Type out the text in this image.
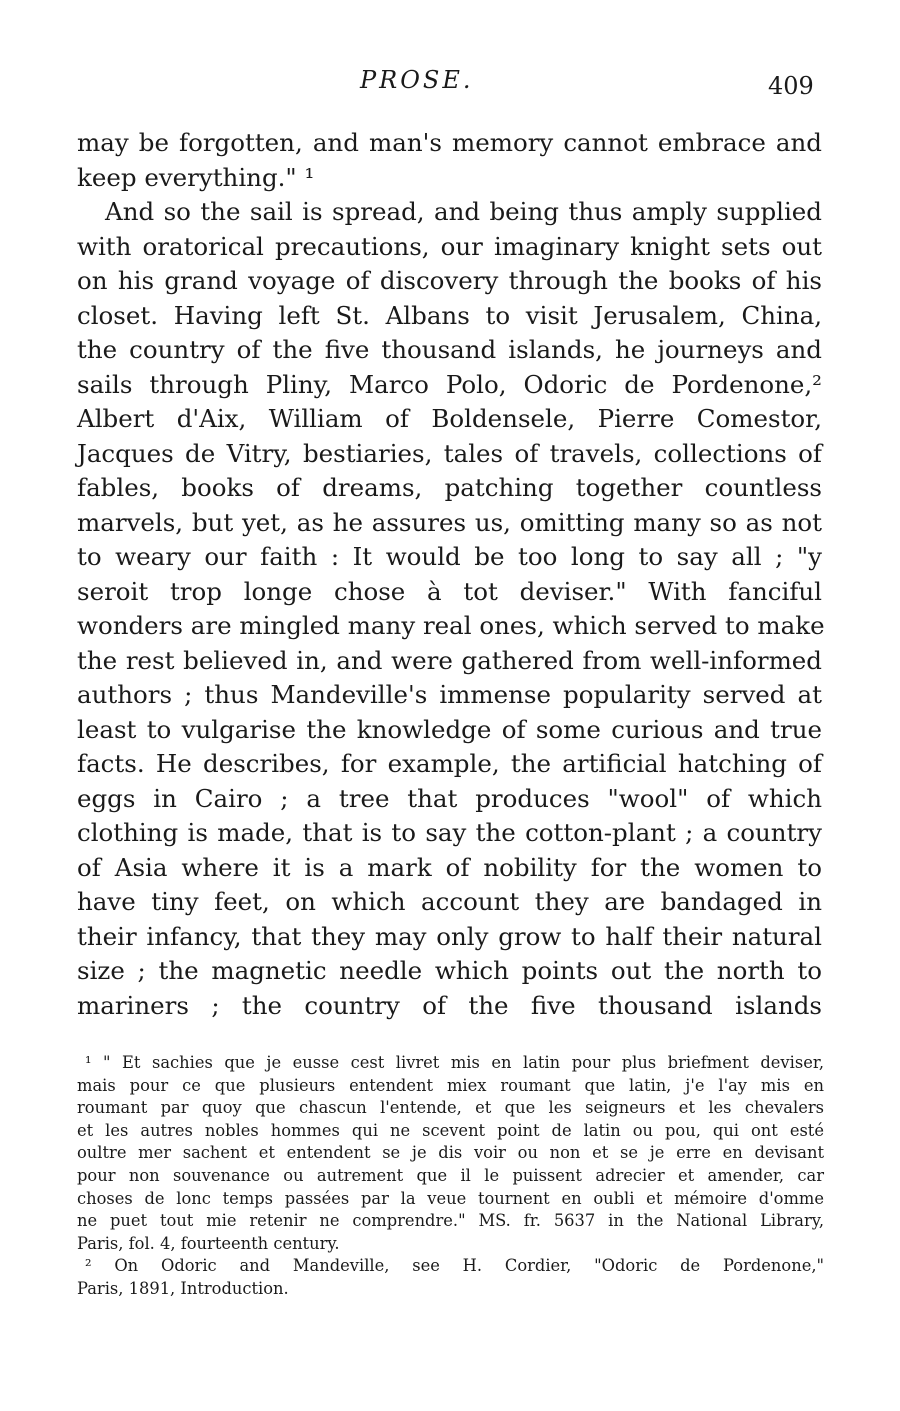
PROSE.	409
may be forgotten, and man's memory cannot embrace and
keep everything." ¹
And so the sail is spread, and being thus amply supplied
with oratorical precautions, our imaginary knight sets out
on his grand voyage of discovery through the books of his
closet. Having left St. Albans to visit Jerusalem, China,
the country of the five thousand islands, he journeys and
sails through Pliny, Marco Polo, Odoric de Pordenone,²
Albert d'Aix, William of Boldensele, Pierre Comestor,
Jacques de Vitry, bestiaries, tales of travels, collections of
fables, books of dreams, patching together countless
marvels, but yet, as he assures us, omitting many so as not
to weary our faith : It would be too long to say all ; "y
seroit trop longe chose à tot deviser." With fanciful
wonders are mingled many real ones, which served to make
the rest believed in, and were gathered from well-informed
authors ; thus Mandeville's immense popularity served at
least to vulgarise the knowledge of some curious and true
facts. He describes, for example, the artificial hatching of
eggs in Cairo ; a tree that produces "wool" of which
clothing is made, that is to say the cotton-plant ; a country
of Asia where it is a mark of nobility for the women to
have tiny feet, on which account they are bandaged in
their infancy, that they may only grow to half their natural
size ; the magnetic needle which points out the north to
mariners ; the country of the five thousand islands
¹ " Et sachies que je eusse cest livret mis en latin pour plus briefment deviser,
mais pour ce que plusieurs entendent miex roumant que latin, j'e l'ay mis en
roumant par quoy que chascun l'entende, et que les seigneurs et les chevalers
et les autres nobles hommes qui ne scevent point de latin ou pou, qui ont esté
oultre mer sachent et entendent se je dis voir ou non et se je erre en devisant
pour non souvenance ou autrement que il le puissent adrecier et amender, car
choses de lonc temps passées par la veue tournent en oubli et mémoire d'omme
ne puet tout mie retenir ne comprendre." MS. fr. 5637 in the National Library,
Paris, fol. 4, fourteenth century.
² On Odoric and Mandeville, see H. Cordier, "Odoric de Pordenone,"
Paris, 1891, Introduction.
